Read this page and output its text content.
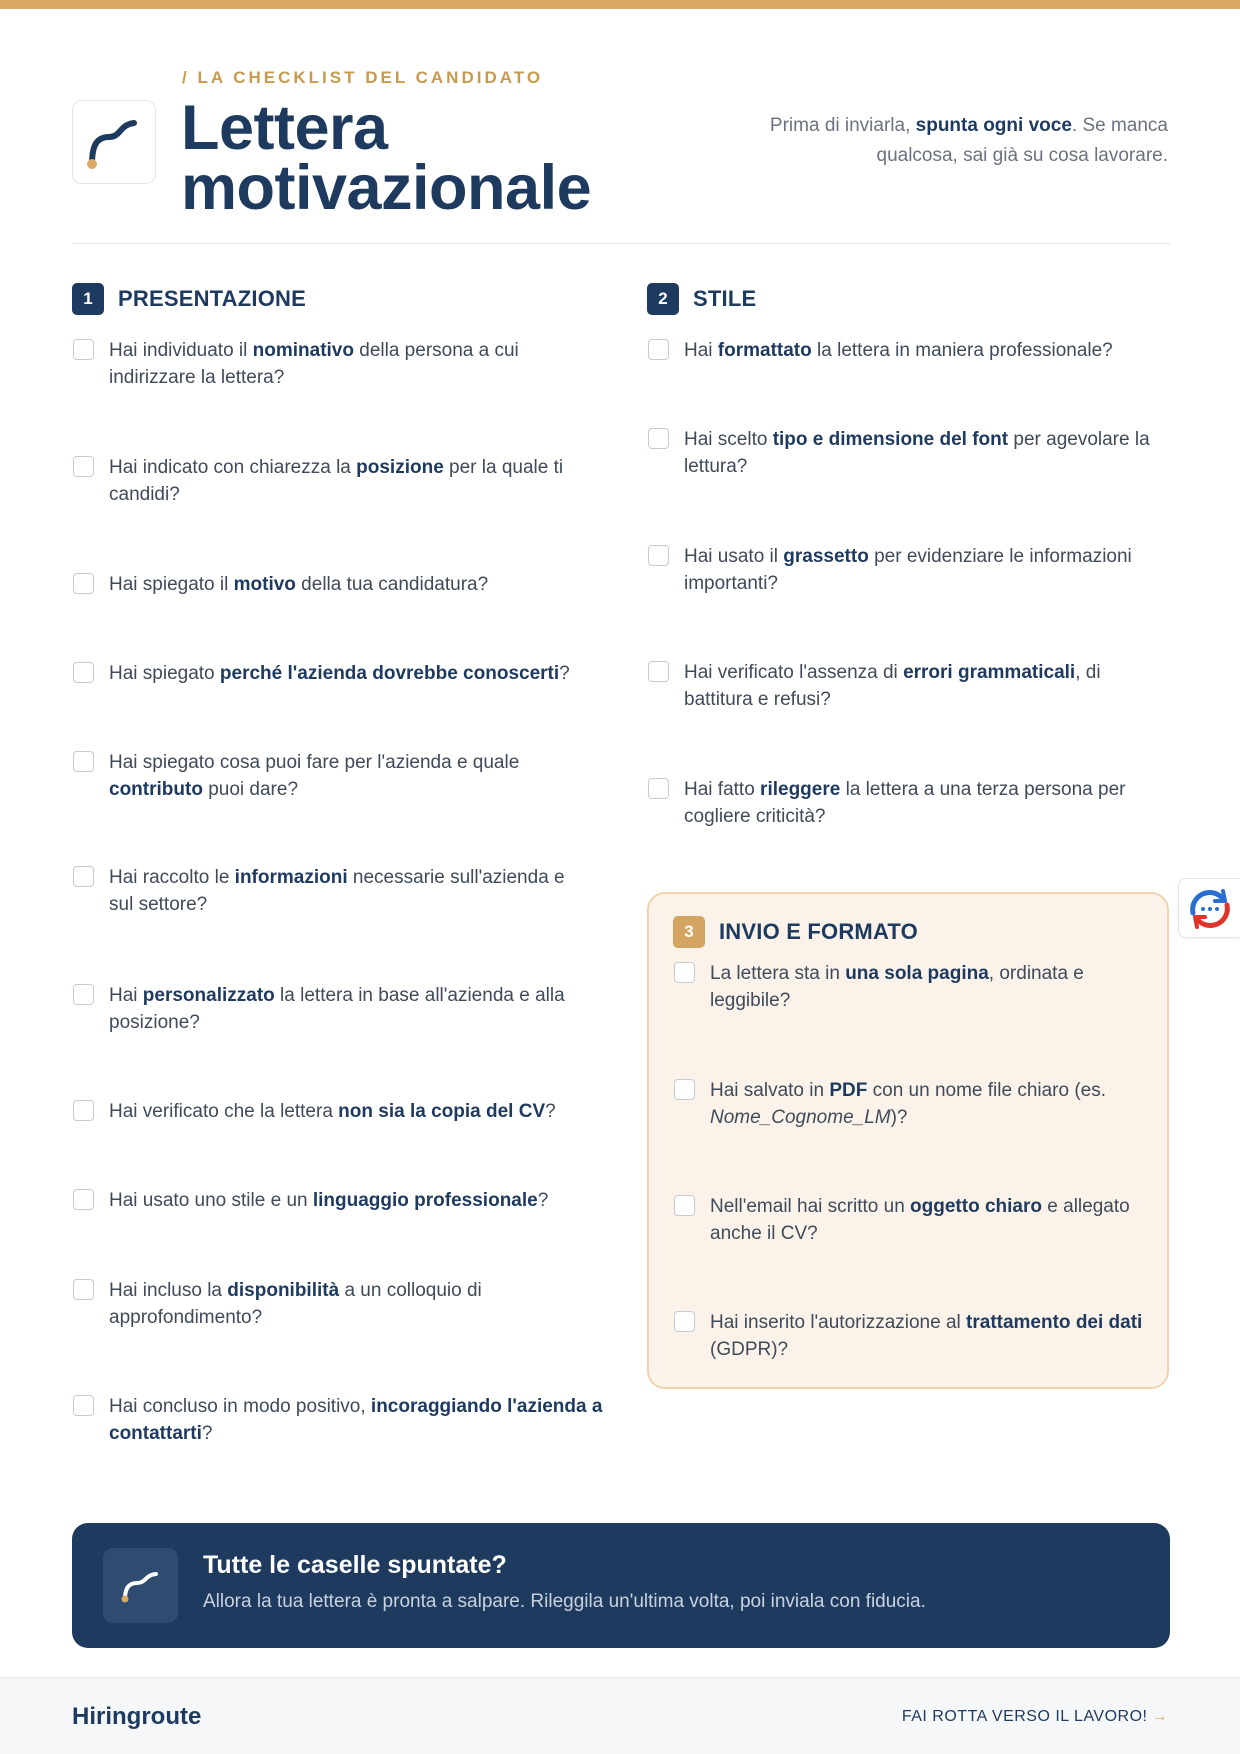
/ LA CHECKLIST DEL CANDIDATO
Lettera
motivazionale
Prima di inviarla, spunta ogni voce. Se manca qualcosa, sai già su cosa lavorare.
1	PRESENTAZIONE
Hai individuato il nominativo della persona a cui indirizzare la lettera?
Hai indicato con chiarezza la posizione per la quale ti candidi?
Hai spiegato il motivo della tua candidatura?
Hai spiegato perché l'azienda dovrebbe conoscerti?
Hai spiegato cosa puoi fare per l'azienda e quale contributo puoi dare?
Hai raccolto le informazioni necessarie sull'azienda e sul settore?
Hai personalizzato la lettera in base all'azienda e alla posizione?
Hai verificato che la lettera non sia la copia del CV?
Hai usato uno stile e un linguaggio professionale?
Hai incluso la disponibilità a un colloquio di approfondimento?
Hai concluso in modo positivo, incoraggiando l'azienda a contattarti?
2	STILE
Hai formattato la lettera in maniera professionale?
Hai scelto tipo e dimensione del font per agevolare la lettura?
Hai usato il grassetto per evidenziare le informazioni importanti?
Hai verificato l'assenza di errori grammaticali, di battitura e refusi?
Hai fatto rileggere la lettera a una terza persona per cogliere criticità?
3	INVIO E FORMATO
La lettera sta in una sola pagina, ordinata e leggibile?
Hai salvato in PDF con un nome file chiaro (es. Nome_Cognome_LM)?
Nell'email hai scritto un oggetto chiaro e allegato anche il CV?
Hai inserito l'autorizzazione al trattamento dei dati (GDPR)?
Tutte le caselle spuntate?
Allora la tua lettera è pronta a salpare. Rileggila un'ultima volta, poi inviala con fiducia.
Hiringroute	FAI ROTTA VERSO IL LAVORO! →
